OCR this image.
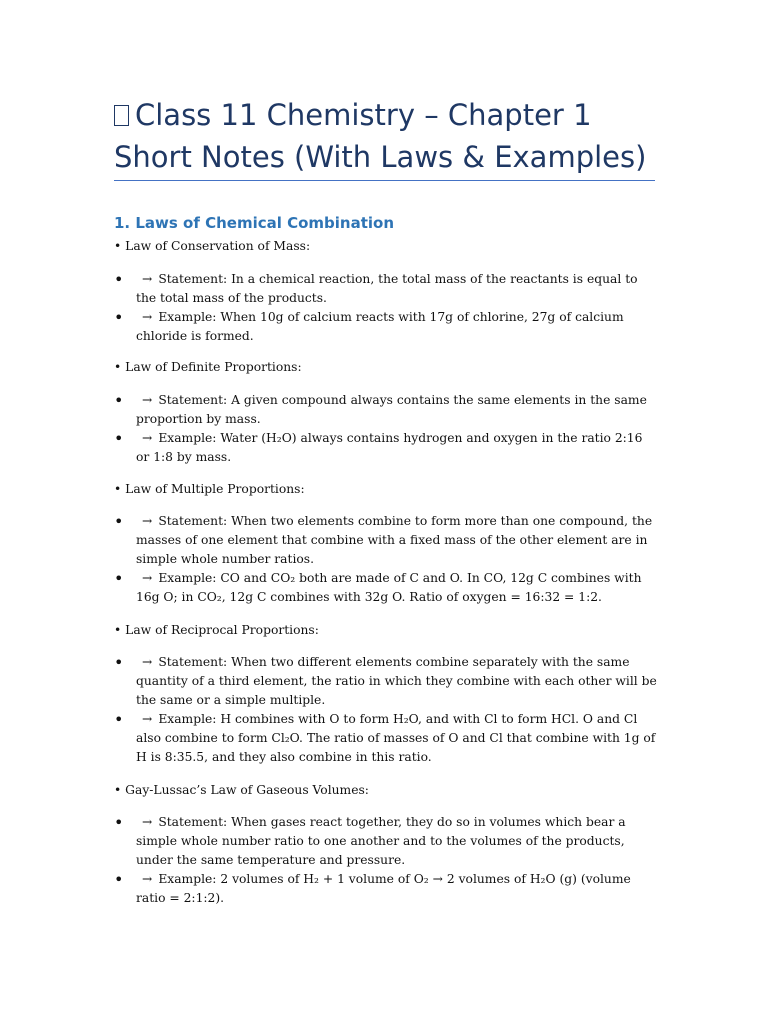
Class 11 Chemistry – Chapter 1 Short Notes (With Laws & Examples)
1. Laws of Chemical Combination

• Law of Conservation of Mass:

• → Statement: In a chemical reaction, the total mass of the reactants is equal to the total mass of the products.
• → Example: When 10g of calcium reacts with 17g of chlorine, 27g of calcium chloride is formed.

• Law of Definite Proportions:

• → Statement: A given compound always contains the same elements in the same proportion by mass.
• → Example: Water (H₂O) always contains hydrogen and oxygen in the ratio 2:16 or 1:8 by mass.

• Law of Multiple Proportions:

• → Statement: When two elements combine to form more than one compound, the masses of one element that combine with a fixed mass of the other element are in simple whole number ratios.
• → Example: CO and CO₂ both are made of C and O. In CO, 12g C combines with 16g O; in CO₂, 12g C combines with 32g O. Ratio of oxygen = 16:32 = 1:2.

• Law of Reciprocal Proportions:

• → Statement: When two different elements combine separately with the same quantity of a third element, the ratio in which they combine with each other will be the same or a simple multiple.
• → Example: H combines with O to form H₂O, and with Cl to form HCl. O and Cl also combine to form Cl₂O. The ratio of masses of O and Cl that combine with 1g of H is 8:35.5, and they also combine in this ratio.

• Gay-Lussac’s Law of Gaseous Volumes:

• → Statement: When gases react together, they do so in volumes which bear a simple whole number ratio to one another and to the volumes of the products, under the same temperature and pressure.
• → Example: 2 volumes of H₂ + 1 volume of O₂ → 2 volumes of H₂O (g) (volume ratio = 2:1:2).
